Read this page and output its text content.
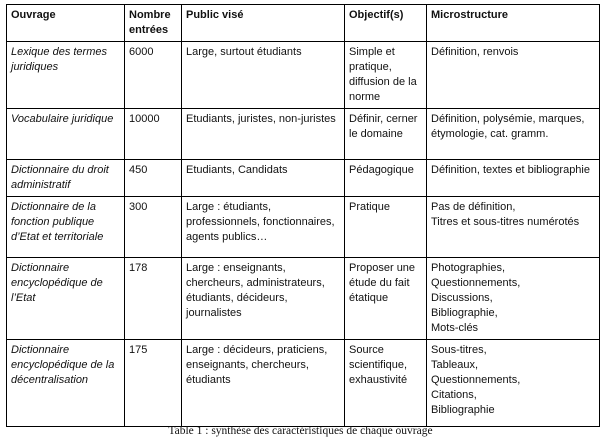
Ouvrage	Nombre entrées	Public visé	Objectif(s)	Microstructure
Lexique des termes juridiques	6000	Large, surtout étudiants	Simple et pratique, diffusion de la norme	Définition, renvois

Vocabulaire juridique	10000	Etudiants, juristes, non-juristes	Définir, cerner le domaine	Définition, polysémie, marques, étymologie, cat. gramm.

Dictionnaire du droit administratif	450	Etudiants, Candidats	Pédagogique	Définition, textes et bibliographie

Dictionnaire de la fonction publique d’Etat et territoriale	300	Large : étudiants, professionnels, fonctionnaires, agents publics…	Pratique	Pas de définition,
Titres et sous-titres numérotés

Dictionnaire encyclopédique de l’Etat	178	Large : enseignants, chercheurs, administrateurs, étudiants, décideurs, journalistes	Proposer une étude du fait étatique	Photographies,
Questionnements,
Discussions,
Bibliographie,
Mots-clés

Dictionnaire encyclopédique de la décentralisation	175	Large : décideurs, praticiens, enseignants, chercheurs, étudiants	Source scientifique, exhaustivité	Sous-titres,
Tableaux,
Questionnements,
Citations,
Bibliographie
Table 1 : synthèse des caractéristiques de chaque ouvrage
